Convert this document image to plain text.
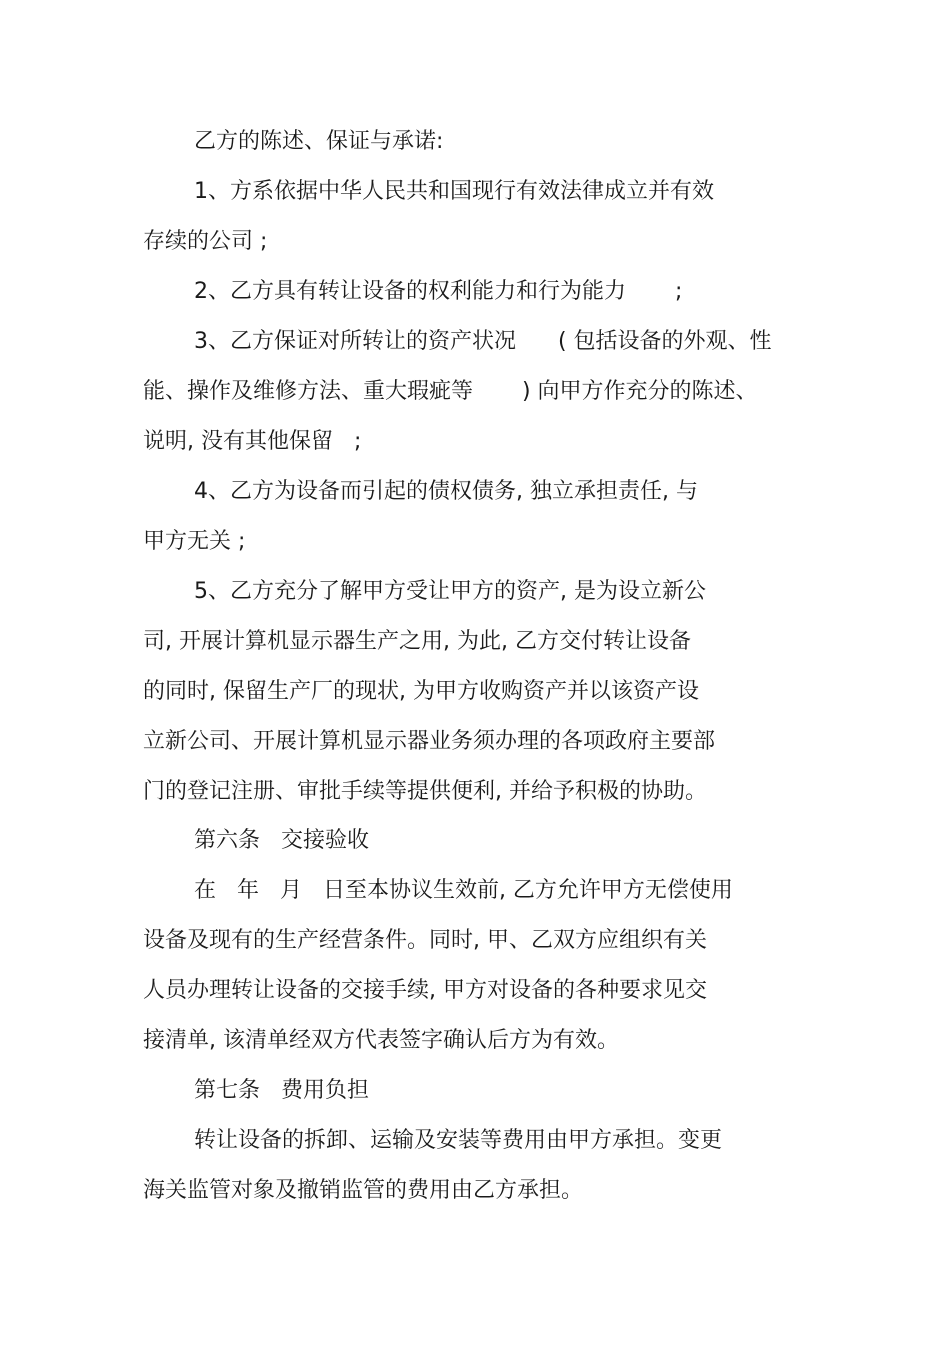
乙方的陈述、保证与承诺:
1、方系依据中华人民共和国现行有效法律成立并有效
存续的公司 ;
2、乙方具有转让设备的权利能力和行为能力       ;
3、乙方保证对所转让的资产状况      ( 包括设备的外观、性
能、操作及维修方法、重大瑕疵等       ) 向甲方作充分的陈述、
说明, 没有其他保留   ;
4、乙方为设备而引起的债权债务, 独立承担责任, 与
甲方无关 ;
5、乙方充分了解甲方受让甲方的资产, 是为设立新公
司, 开展计算机显示器生产之用, 为此, 乙方交付转让设备
的同时, 保留生产厂的现状, 为甲方收购资产并以该资产设
立新公司、开展计算机显示器业务须办理的各项政府主要部
门的登记注册、审批手续等提供便利, 并给予积极的协助。
第六条   交接验收
在   年   月   日至本协议生效前, 乙方允许甲方无偿使用
设备及现有的生产经营条件。同时, 甲、乙双方应组织有关
人员办理转让设备的交接手续, 甲方对设备的各种要求见交
接清单, 该清单经双方代表签字确认后方为有效。
第七条   费用负担
转让设备的拆卸、运输及安装等费用由甲方承担。变更
海关监管对象及撤销监管的费用由乙方承担。
